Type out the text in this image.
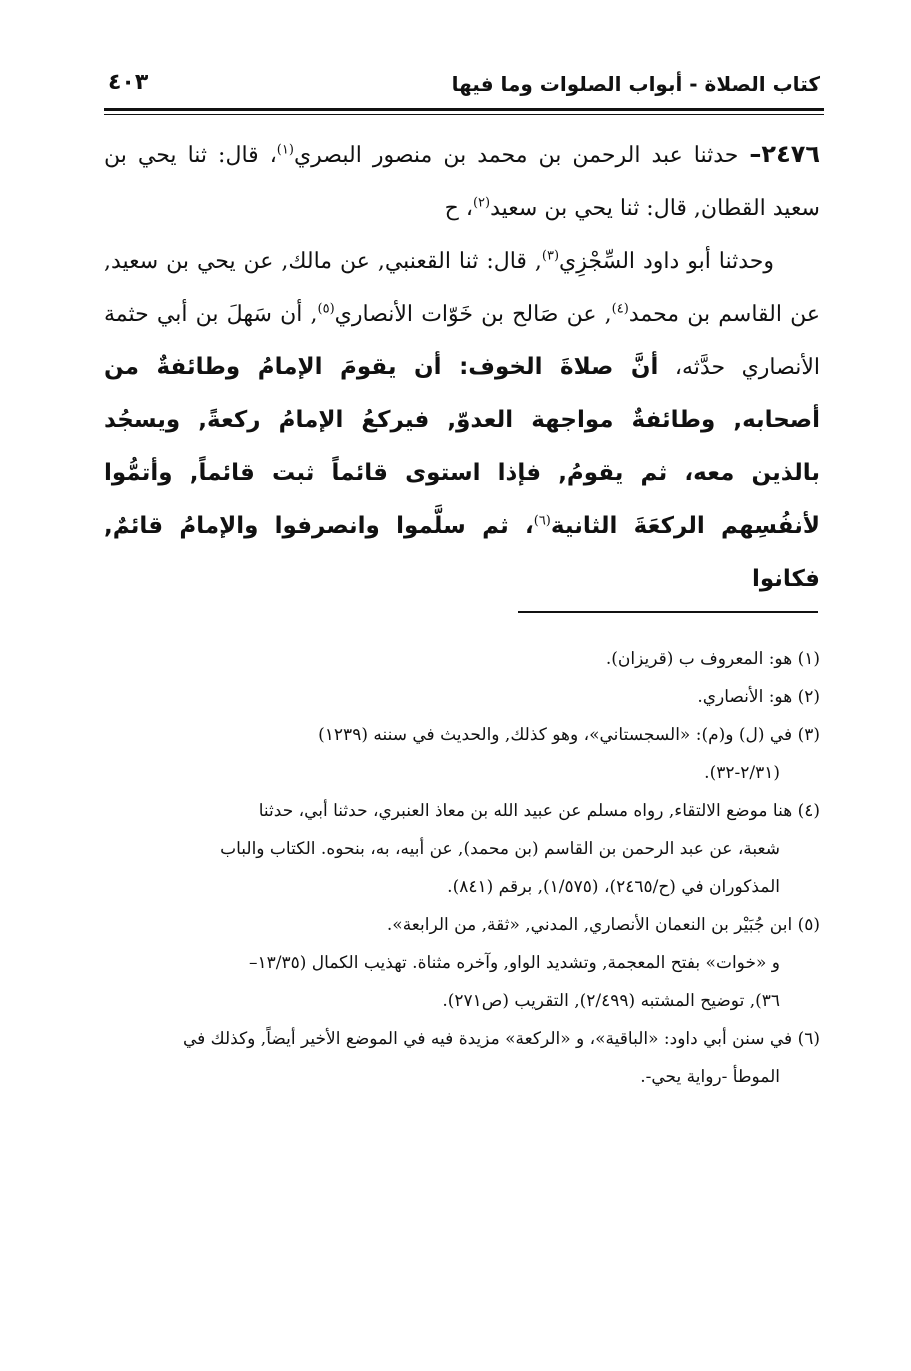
كتاب الصلاة - أبواب الصلوات وما فيها
٤٠٣

٢٤٧٦– حدثنا عبد الرحمن بن محمد بن منصور البصري$^{(١)}$، قال: ثنا يحي بن سعيد القطان, قال: ثنا يحي بن سعيد$^{(٢)}$، ح

وحدثنا أبو داود السِّجْزِي$^{(٣)}$, قال: ثنا القعنبي, عن مالك, عن يحي بن سعيد, عن القاسم بن محمد$^{(٤)}$, عن صَالح بن خَوّات الأنصاري$^{(٥)}$, أن سَهلَ بن أبي حثمة الأنصاري حدَّثه، أنَّ صلاةَ الخوف: أن يقومَ الإمامُ وطائفةٌ من أصحابه, وطائفةٌ مواجهة العدوّ, فيركعُ الإمامُ ركعةً, ويسجُد بالذين معه، ثم يقومُ, فإذا استوى قائماً ثبت قائماً, وأتمُّوا لأنفُسِهم الركعَةَ الثانية$^{(٦)}$، ثم سلَّموا وانصرفوا والإمامُ قائمٌ, فكانوا

(١) هو: المعروف ب (قريزان).

(٢) هو: الأنصاري.

(٣) في (ل) و(م): «السجستاني»، وهو كذلك, والحديث في سننه (١٢٣٩)

(٢/٣١-٣٢).

(٤) هنا موضع الالتقاء, رواه مسلم عن عبيد الله بن معاذ العنبري، حدثنا أبي، حدثنا

شعبة، عن عبد الرحمن بن القاسم (بن محمد), عن أبيه، به، بنحوه. الكتاب والباب

المذكوران في (ح/٢٤٦٥)، (١/٥٧٥), برقم (٨٤١).

(٥) ابن جُبَيْر بن النعمان الأنصاري, المدني, «ثقة, من الرابعة».

و «خوات» بفتح المعجمة, وتشديد الواو, وآخره مثناة. تهذيب الكمال (١٣/٣٥–

٣٦), توضيح المشتبه (٢/٤٩٩), التقريب (ص٢٧١).

(٦) في سنن أبي داود: «الباقية»، و «الركعة» مزيدة فيه في الموضع الأخير أيضاً, وكذلك في

الموطأ -رواية يحي-.
